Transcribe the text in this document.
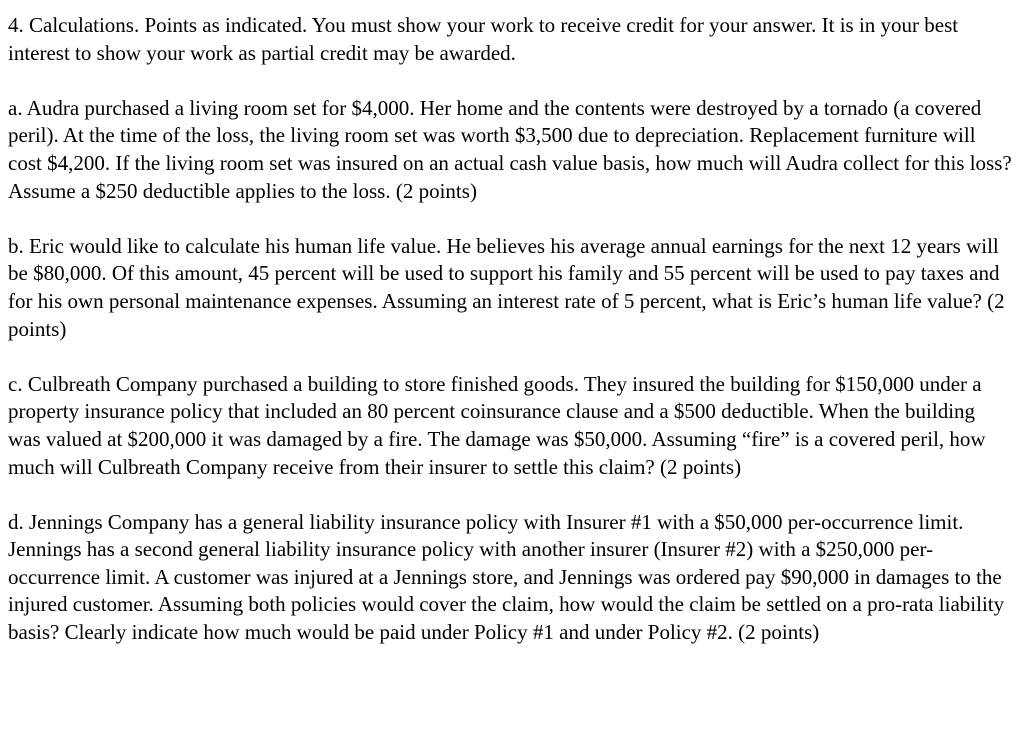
4. Calculations. Points as indicated. You must show your work to receive credit for your answer. It is in your best interest to show your work as partial credit may be awarded.

a. Audra purchased a living room set for $4,000. Her home and the contents were destroyed by a tornado (a covered peril). At the time of the loss, the living room set was worth $3,500 due to depreciation. Replacement furniture will cost $4,200. If the living room set was insured on an actual cash value basis, how much will Audra collect for this loss? Assume a $250 deductible applies to the loss. (2 points)

b. Eric would like to calculate his human life value. He believes his average annual earnings for the next 12 years will be $80,000. Of this amount, 45 percent will be used to support his family and 55 percent will be used to pay taxes and for his own personal maintenance expenses. Assuming an interest rate of 5 percent, what is Eric’s human life value? (2 points)

c. Culbreath Company purchased a building to store finished goods. They insured the building for $150,000 under a property insurance policy that included an 80 percent coinsurance clause and a $500 deductible. When the building was valued at $200,000 it was damaged by a fire. The damage was $50,000. Assuming “fire” is a covered peril, how much will Culbreath Company receive from their insurer to settle this claim? (2 points)

d. Jennings Company has a general liability insurance policy with Insurer #1 with a $50,000 per-occurrence limit. Jennings has a second general liability insurance policy with another insurer (Insurer #2) with a $250,000 per-occurrence limit. A customer was injured at a Jennings store, and Jennings was ordered pay $90,000 in damages to the injured customer. Assuming both policies would cover the claim, how would the claim be settled on a pro-rata liability basis? Clearly indicate how much would be paid under Policy #1 and under Policy #2. (2 points)
